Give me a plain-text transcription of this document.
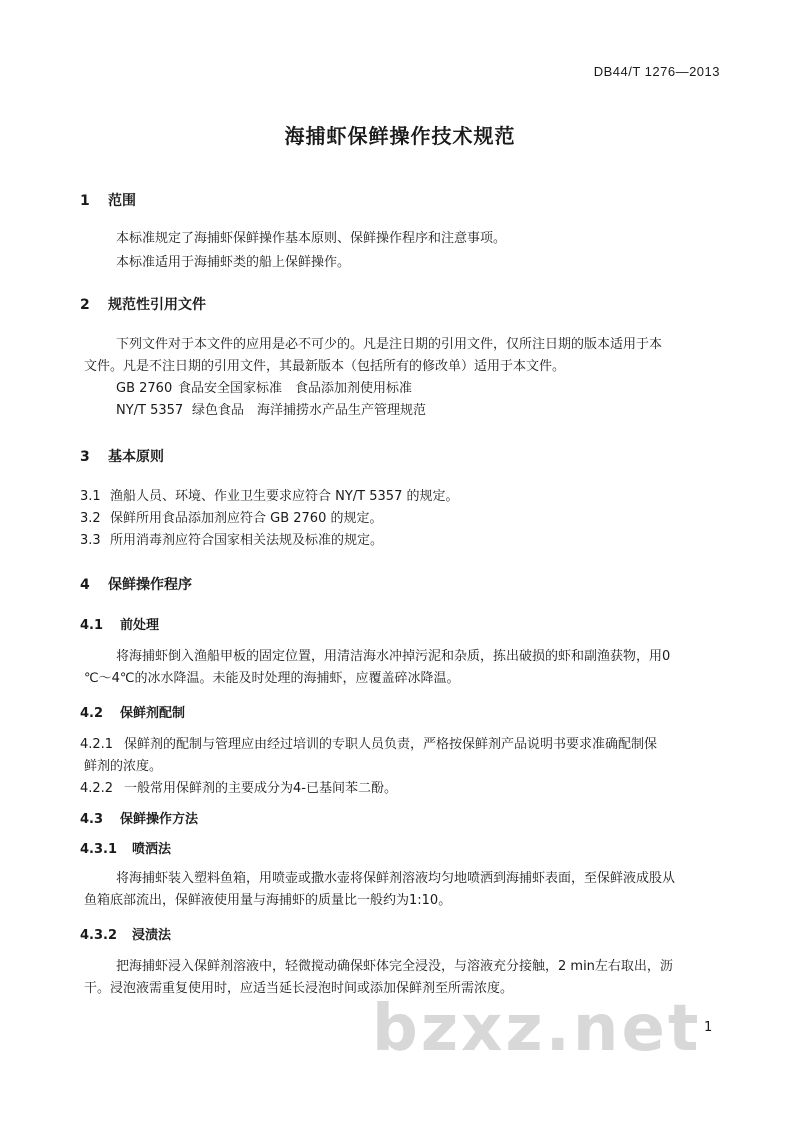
DB44/T 1276—2013
海捕虾保鲜操作技术规范
1 范围
本标准规定了海捕虾保鲜操作基本原则、保鲜操作程序和注意事项。
本标准适用于海捕虾类的船上保鲜操作。
2 规范性引用文件
下列文件对于本文件的应用是必不可少的。凡是注日期的引用文件，仅所注日期的版本适用于本
文件。凡是不注日期的引用文件，其最新版本（包括所有的修改单）适用于本文件。
GB 2760 食品安全国家标准　食品添加剂使用标准
NY/T 5357 绿色食品　海洋捕捞水产品生产管理规范
3 基本原则
3.1 渔船人员、环境、作业卫生要求应符合 NY/T 5357 的规定。
3.2 保鲜所用食品添加剂应符合 GB 2760 的规定。
3.3 所用消毒剂应符合国家相关法规及标准的规定。
4 保鲜操作程序
4.1 前处理
将海捕虾倒入渔船甲板的固定位置，用清洁海水冲掉污泥和杂质，拣出破损的虾和副渔获物，用0
℃～4℃的冰水降温。未能及时处理的海捕虾，应覆盖碎冰降温。
4.2 保鲜剂配制
4.2.1 保鲜剂的配制与管理应由经过培训的专职人员负责，严格按保鲜剂产品说明书要求准确配制保
鲜剂的浓度。
4.2.2 一般常用保鲜剂的主要成分为4-已基间苯二酚。
4.3 保鲜操作方法
4.3.1 喷洒法
将海捕虾装入塑料鱼箱，用喷壶或撒水壶将保鲜剂溶液均匀地喷洒到海捕虾表面，至保鲜液成股从
鱼箱底部流出，保鲜液使用量与海捕虾的质量比一般约为1:10。
4.3.2 浸渍法
把海捕虾浸入保鲜剂溶液中，轻微搅动确保虾体完全浸没，与溶液充分接触，2 min左右取出，沥
干。浸泡液需重复使用时，应适当延长浸泡时间或添加保鲜剂至所需浓度。
bzxz.net 1
